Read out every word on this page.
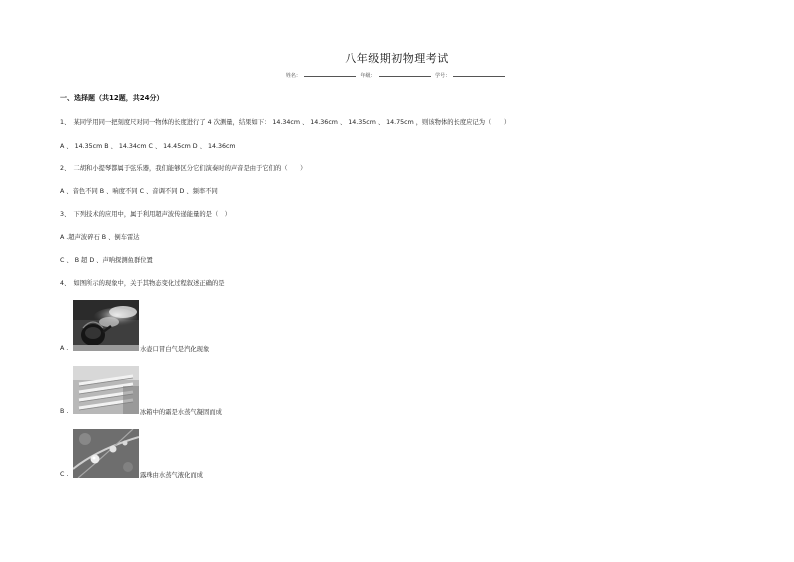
八年级期初物理考试
姓名：	年级：	学号：
一、选择题（共12题，共24分）
1、　某同学用同一把刻度尺对同一物体的长度进行了 4 次测量，结果如下： 14.34cm 、 14.36cm 、 14.35cm 、 14.75cm ，则该物体的长度应记为（　　）
A 、 14.35cm B 、 14.34cm C 、 14.45cm D 、 14.36cm
2、　二胡和小提琴都属于弦乐器，我们能够区分它们演奏时的声音是由于它们的（　　）
A 、音色不同 B 、响度不同 C 、音调不同 D 、频率不同
3、　下列技术的应用中，属于利用超声波传递能量的是（　）
A .超声波碎石 B 、倒车雷达
C 、 B 超 D 、声呐探测鱼群位置
4、　如图所示的现象中，关于其物态变化过程叙述正确的是
A .	水壶口冒白气是汽化现象
B .	冰箱中的霜是水蒸气凝固而成
C .	露珠由水蒸气液化而成
